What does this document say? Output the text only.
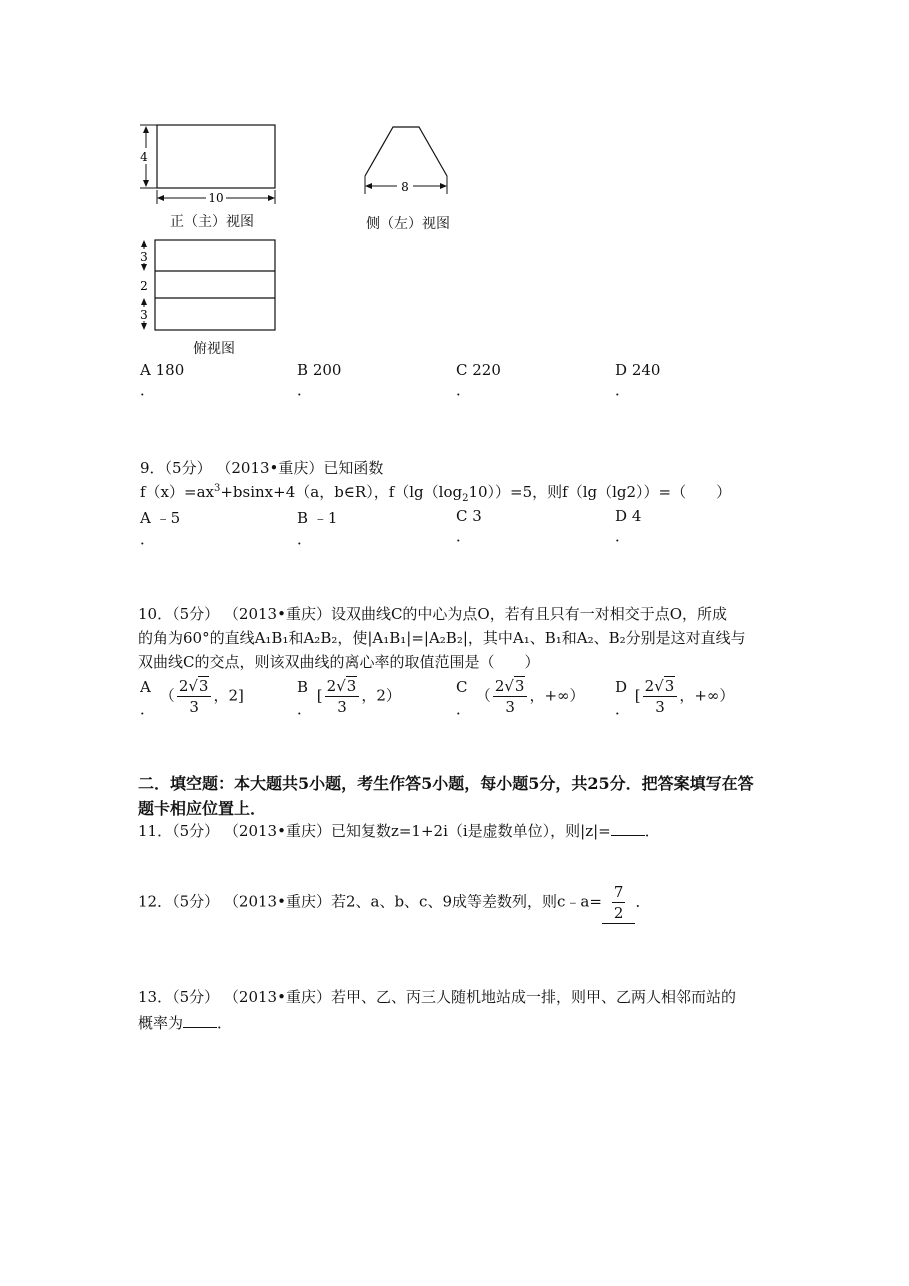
4
10
正（主）视图
8
侧（左）视图
3
2
3
俯视图
A 180
．
B 200
．
C 220
．
D 240
．
9．（5分） （2013•重庆）已知函数
$f(x)=ax^3+bsinx+4(a$，b∈R），$f(\lg(\log_210))=5$，则f（lg（lg2））=（　　）
A ﹣5
．
B ﹣1
．
C 3
．
D 4
．
10．（5分） （2013•重庆）设双曲线C的中心为点O，若有且只有一对相交于点O，所成
的角为60°的直线A₁B₁和A₂B₂，使|A₁B₁|=|A₂B₂|，其中A₁、B₁和A₂、B₂分别是这对直线与
双曲线C的交点，则该双曲线的离心率的取值范围是（　　）
A
． （ $\frac{2√3}{3}$ ，2]	B
． [ $\frac{2√3}{3}$ ，2）	C
． （ $\frac{2√3}{3}$ ，+∞） D
． [ $\frac{2√3}{3}$ ，+∞）
二．填空题：本大题共5小题，考生作答5小题，每小题5分，共25分．把答案填写在答
题卡相应位置上．
11．（5分） （2013•重庆）已知复数z=1+2i（i是虚数单位），则|z|= ．
12．（5分） （2013•重庆）若2、a、b、c、9成等差数列，则c﹣a= $\frac{7}{2}$ ．
13．（5分） （2013•重庆）若甲、乙、丙三人随机地站成一排，则甲、乙两人相邻而站的
概率为 ．
